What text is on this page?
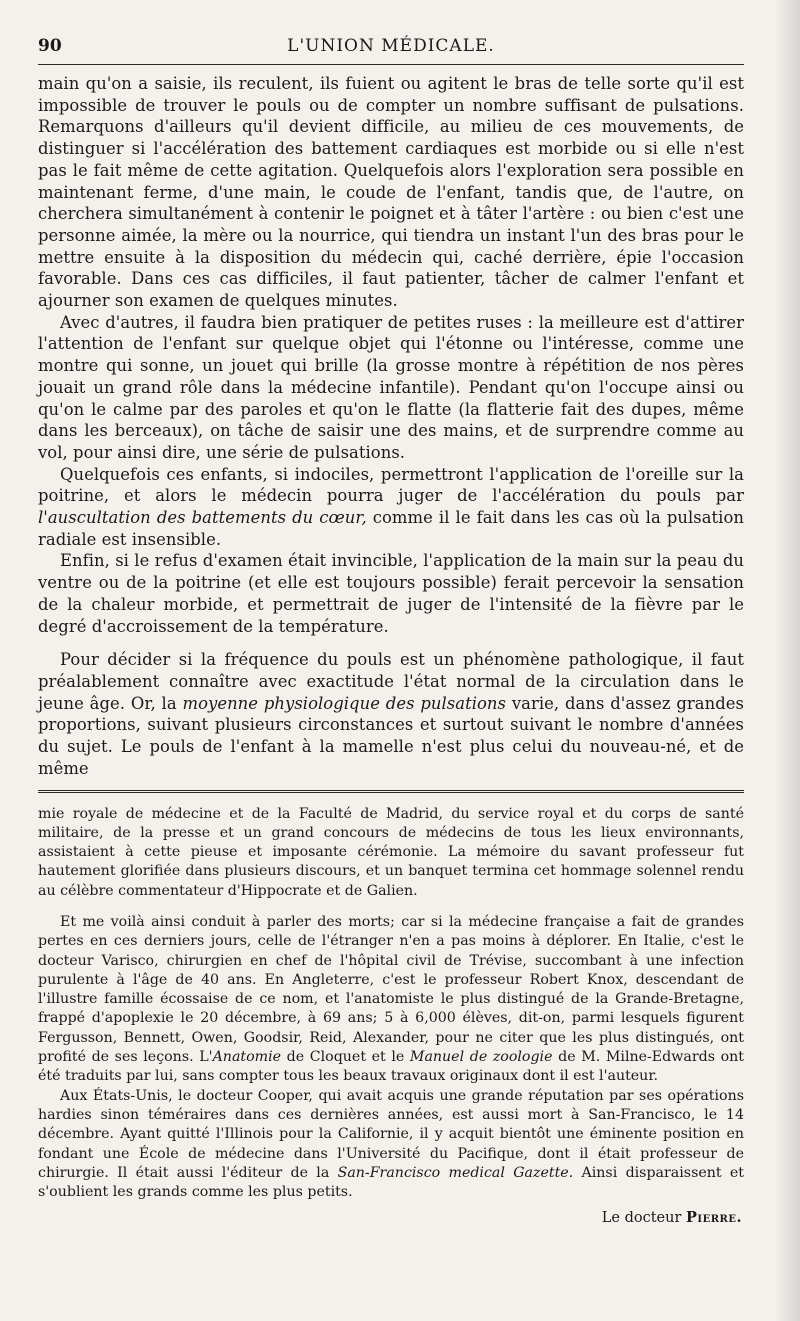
90	L'UNION MÉDICALE.

main qu'on a saisie, ils reculent, ils fuient ou agitent le bras de telle sorte qu'il est impossible de trouver le pouls ou de compter un nombre suffisant de pulsations. Remarquons d'ailleurs qu'il devient difficile, au milieu de ces mouvements, de distinguer si l'accélération des battement cardiaques est morbide ou si elle n'est pas le fait même de cette agitation. Quelquefois alors l'exploration sera possible en maintenant ferme, d'une main, le coude de l'enfant, tandis que, de l'autre, on cherchera simultanément à contenir le poignet et à tâter l'artère : ou bien c'est une personne aimée, la mère ou la nourrice, qui tiendra un instant l'un des bras pour le mettre ensuite à la disposition du médecin qui, caché derrière, épie l'occasion favorable. Dans ces cas difficiles, il faut patienter, tâcher de calmer l'enfant et ajourner son examen de quelques minutes.

Avec d'autres, il faudra bien pratiquer de petites ruses : la meilleure est d'attirer l'attention de l'enfant sur quelque objet qui l'étonne ou l'intéresse, comme une montre qui sonne, un jouet qui brille (la grosse montre à répétition de nos pères jouait un grand rôle dans la médecine infantile). Pendant qu'on l'occupe ainsi ou qu'on le calme par des paroles et qu'on le flatte (la flatterie fait des dupes, même dans les berceaux), on tâche de saisir une des mains, et de surprendre comme au vol, pour ainsi dire, une série de pulsations.

Quelquefois ces enfants, si indociles, permettront l'application de l'oreille sur la poitrine, et alors le médecin pourra juger de l'accélération du pouls par l'auscultation des battements du cœur, comme il le fait dans les cas où la pulsation radiale est insensible.

Enfin, si le refus d'examen était invincible, l'application de la main sur la peau du ventre ou de la poitrine (et elle est toujours possible) ferait percevoir la sensation de la chaleur morbide, et permettrait de juger de l'intensité de la fièvre par le degré d'accroissement de la température.

Pour décider si la fréquence du pouls est un phénomène pathologique, il faut préalablement connaître avec exactitude l'état normal de la circulation dans le jeune âge. Or, la moyenne physiologique des pulsations varie, dans d'assez grandes proportions, suivant plusieurs circonstances et surtout suivant le nombre d'années du sujet. Le pouls de l'enfant à la mamelle n'est plus celui du nouveau-né, et de même

mie royale de médecine et de la Faculté de Madrid, du service royal et du corps de santé militaire, de la presse et un grand concours de médecins de tous les lieux environnants, assistaient à cette pieuse et imposante cérémonie. La mémoire du savant professeur fut hautement glorifiée dans plusieurs discours, et un banquet termina cet hommage solennel rendu au célèbre commentateur d'Hippocrate et de Galien.

Et me voilà ainsi conduit à parler des morts; car si la médecine française a fait de grandes pertes en ces derniers jours, celle de l'étranger n'en a pas moins à déplorer. En Italie, c'est le docteur Varisco, chirurgien en chef de l'hôpital civil de Trévise, succombant à une infection purulente à l'âge de 40 ans. En Angleterre, c'est le professeur Robert Knox, descendant de l'illustre famille écossaise de ce nom, et l'anatomiste le plus distingué de la Grande-Bretagne, frappé d'apoplexie le 20 décembre, à 69 ans; 5 à 6,000 élèves, dit-on, parmi lesquels figurent Fergusson, Bennett, Owen, Goodsir, Reid, Alexander, pour ne citer que les plus distingués, ont profité de ses leçons. L'Anatomie de Cloquet et le Manuel de zoologie de M. Milne-Edwards ont été traduits par lui, sans compter tous les beaux travaux originaux dont il est l'auteur.

Aux États-Unis, le docteur Cooper, qui avait acquis une grande réputation par ses opérations hardies sinon téméraires dans ces dernières années, est aussi mort à San-Francisco, le 14 décembre. Ayant quitté l'Illinois pour la Californie, il y acquit bientôt une éminente position en fondant une École de médecine dans l'Université du Pacifique, dont il était professeur de chirurgie. Il était aussi l'éditeur de la San-Francisco medical Gazette. Ainsi disparaissent et s'oublient les grands comme les plus petits.

Le docteur Pierre.
